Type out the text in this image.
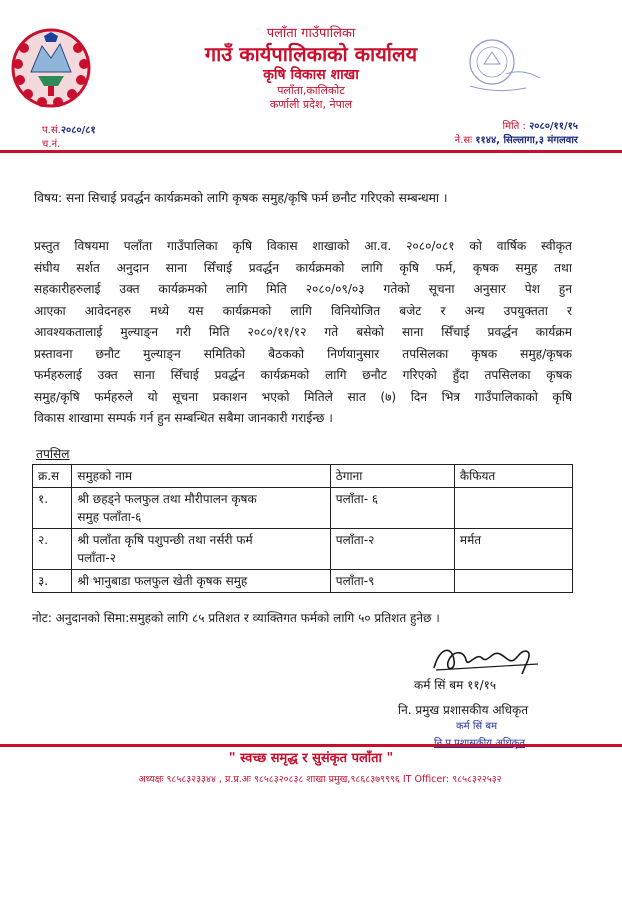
पलाँता गाउँपालिका
गाउँ कार्यपालिकाको कार्यालय
कृषि विकास शाखा
पलाँता,कालिकोट
कर्णाली प्रदेश, नेपाल
प.सं.२०८०/८१
च.नं.
मिति : २०८०/११/१५
ने.सः ११४४, सिल्लागा,३ मंगलवार
विषय: सना सिचाई प्रवर्द्धन कार्यक्रमको लागि कृषक समुह/कृषि फर्म छनौट गरिएको सम्बन्धमा ।
प्रस्तुत विषयमा पलाँता गाउँपालिका कृषि विकास शाखाको आ.व. २०८०/०८१ को वार्षिक स्वीकृत
संघीय सर्शत अनुदान साना सिँचाई प्रवर्द्धन कार्यक्रमको लागि कृषि फर्म, कृषक समुह तथा
सहकारीहरुलाई उक्त कार्यक्रमको लागि मिति २०८०/०९/०३ गतेको सूचना अनुसार पेश हुन
आएका आवेदनहरु मध्ये यस कार्यक्रमको लागि विनियोजित बजेट र अन्य उपयुक्तता र
आवश्यकतालाई मुल्याङ्न गरी मिति २०८०/११/१२ गते बसेको साना सिँचाई प्रवर्द्धन कार्यक्रम
प्रस्तावना छनौट मुल्याङ्न समितिको बैठकको निर्णयानुसार तपसिलका कृषक समुह/कृषक
फर्महरुलाई उक्त साना सिँचाई प्रवर्द्धन कार्यक्रमको लागि छनौट गरिएको हुँदा तपसिलका कृषक
समुह/कृषि फर्महरुले यो सूचना प्रकाशन भएको मितिले सात (७) दिन भित्र गाउँपालिकाको कृषि
विकास शाखामा सम्पर्क गर्न हुन सम्बन्धित सबैमा जानकारी गराईन्छ ।
तपसिल
क्र.स	समुहको नाम	ठेगाना	कैफियत
१.	श्री छहड्ने फलफुल तथा मौरीपालन कृषक
समुह पलाँता-६	पलाँता- ६	
२.	श्री पलाँता कृषि पशुपन्छी तथा नर्सरी फर्म
पलाँता-२	पलाँता-२	मर्मत
३.	श्री भानुबाडा फलफुल खेती कृषक समुह	पलाँता-९	
नोट: अनुदानको सिमा:समुहको लागि ८५ प्रतिशत र व्याक्तिगत फर्मको लागि ५० प्रतिशत हुनेछ ।
कर्म सिं बम ११/१५
नि. प्रमुख प्रशासकीय अधिकृत
कर्म सिं बम
" स्वच्छ समृद्ध र सुसंकृत पलाँता "
अध्यक्षः ९८५८३२३३४४ , प्र.प्र.अः ९८५८३२०८३८ शाखा प्रमुख,९८६८३७९९९६ IT Officer: ९८५८३२२५३२
